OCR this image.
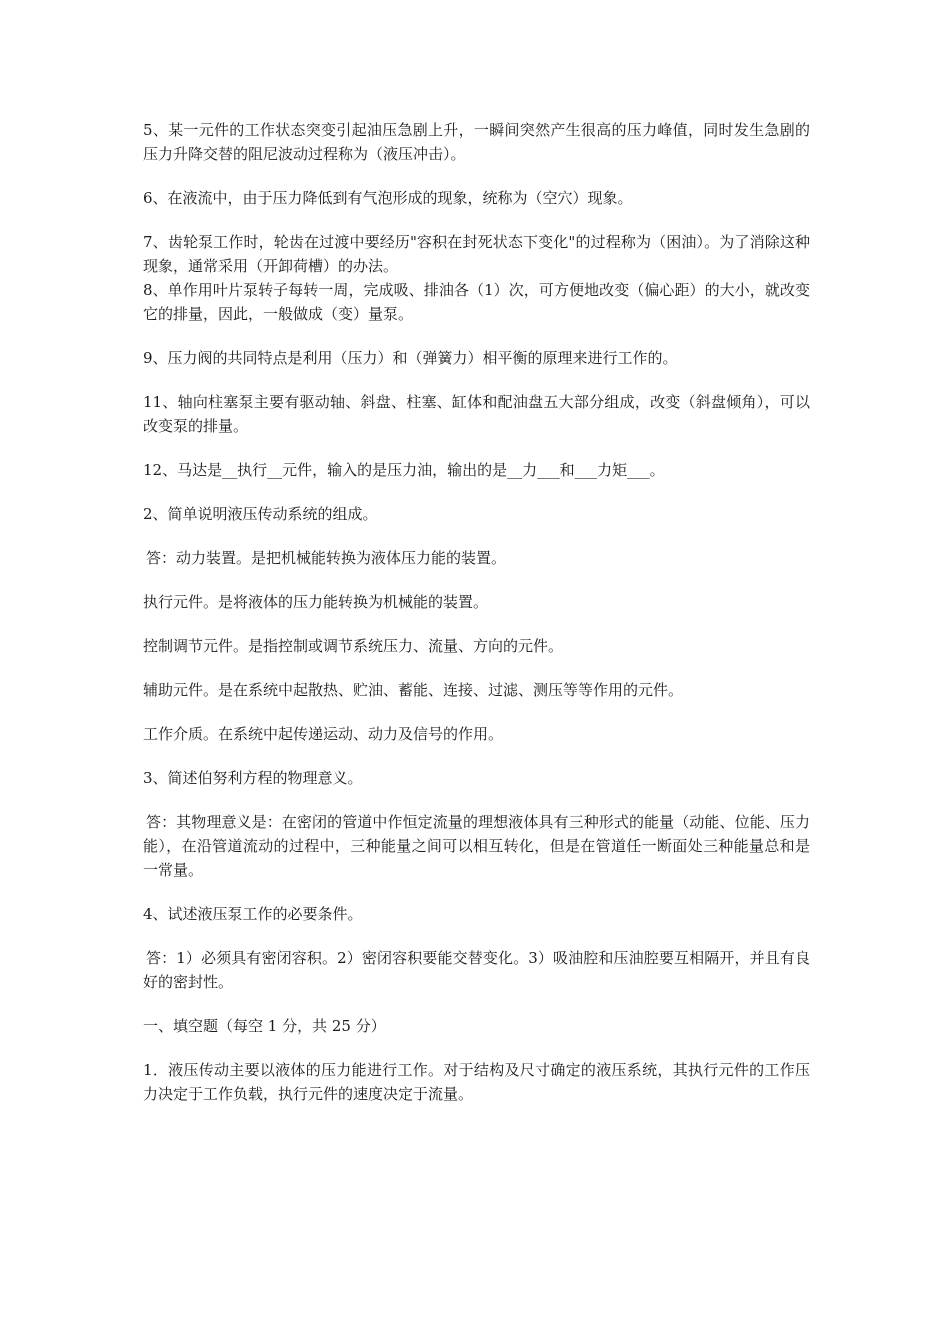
5、某一元件的工作状态突变引起油压急剧上升，一瞬间突然产生很高的压力峰值，同时发生急剧的压力升降交替的阻尼波动过程称为（液压冲击）。

6、在液流中，由于压力降低到有气泡形成的现象，统称为（空穴）现象。

7、齿轮泵工作时，轮齿在过渡中要经历"容积在封死状态下变化"的过程称为（困油）。为了消除这种现象，通常采用（开卸荷槽）的办法。

8、单作用叶片泵转子每转一周，完成吸、排油各（1）次，可方便地改变（偏心距）的大小，就改变它的排量，因此，一般做成（变）量泵。

9、压力阀的共同特点是利用（压力）和（弹簧力）相平衡的原理来进行工作的。

11、轴向柱塞泵主要有驱动轴、斜盘、柱塞、缸体和配油盘五大部分组成，改变（斜盘倾角），可以改变泵的排量。

12、马达是__执行__元件，输入的是压力油，输出的是__力___和___力矩___。

2、简单说明液压传动系统的组成。

答：动力装置。是把机械能转换为液体压力能的装置。

执行元件。是将液体的压力能转换为机械能的装置。

控制调节元件。是指控制或调节系统压力、流量、方向的元件。

辅助元件。是在系统中起散热、贮油、蓄能、连接、过滤、测压等等作用的元件。

工作介质。在系统中起传递运动、动力及信号的作用。

3、简述伯努利方程的物理意义。

答：其物理意义是：在密闭的管道中作恒定流量的理想液体具有三种形式的能量（动能、位能、压力能），在沿管道流动的过程中，三种能量之间可以相互转化，但是在管道任一断面处三种能量总和是一常量。

4、试述液压泵工作的必要条件。

答：1）必须具有密闭容积。2）密闭容积要能交替变化。3）吸油腔和压油腔要互相隔开，并且有良好的密封性。

一、填空题（每空 1 分，共 25 分）

1．液压传动主要以液体的压力能进行工作。对于结构及尺寸确定的液压系统，其执行元件的工作压力决定于工作负载，执行元件的速度决定于流量。
